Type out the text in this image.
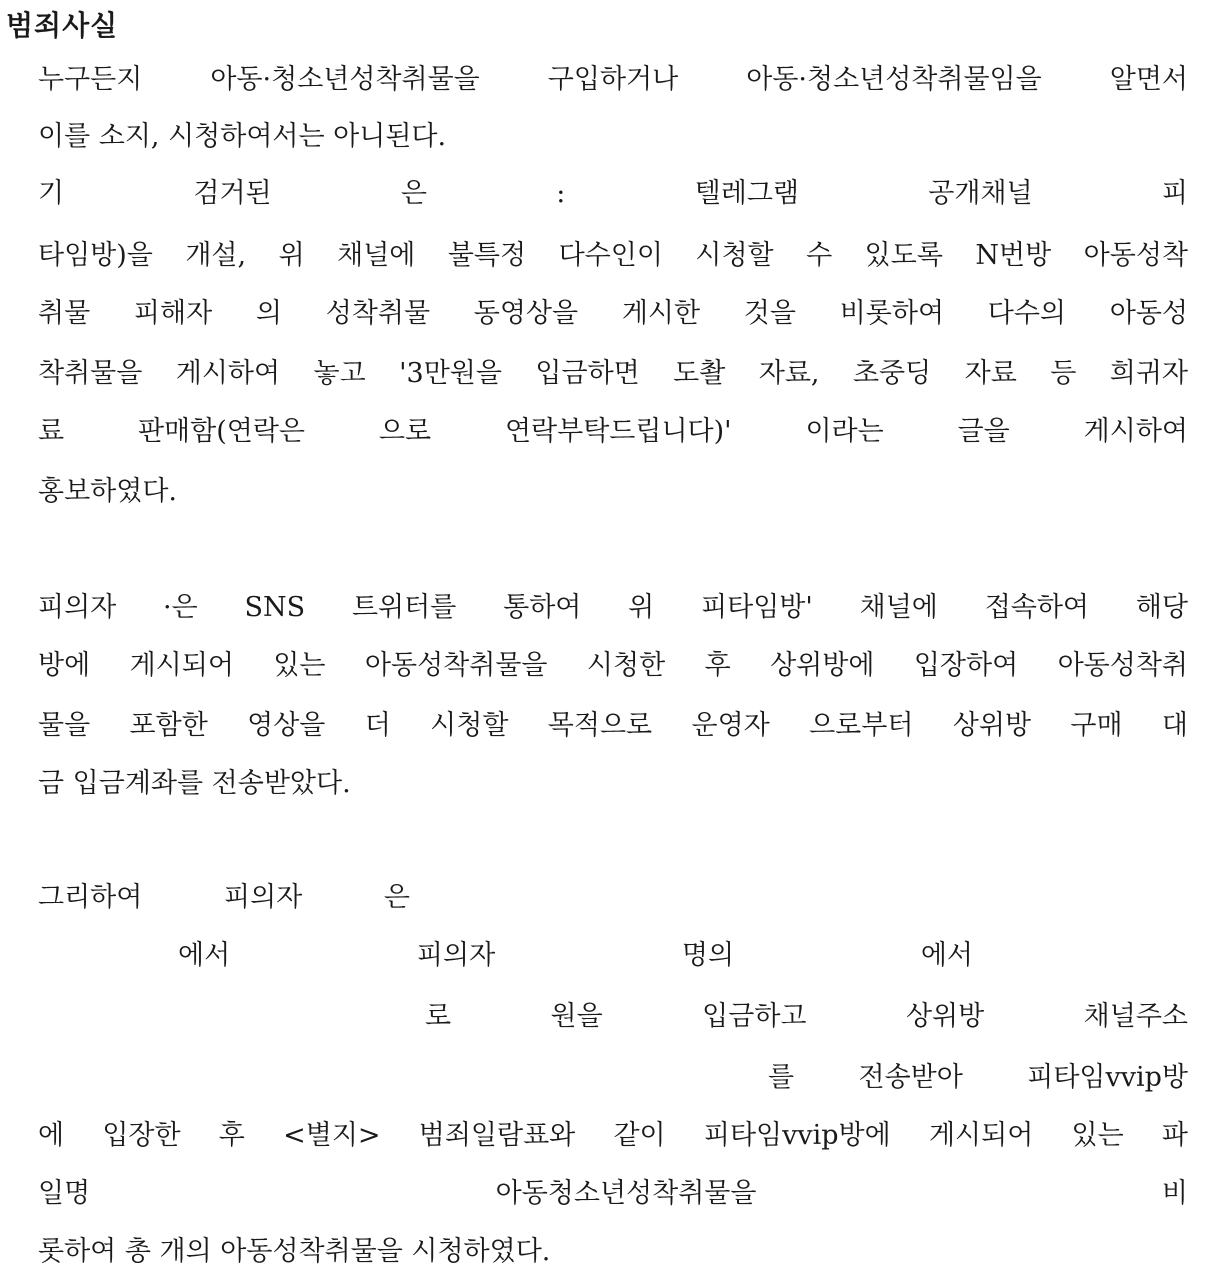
범죄사실
누구든지 아동·청소년성착취물을 구입하거나 아동·청소년성착취물임을 알면서
이를 소지, 시청하여서는 아니된다.
기 검거된 은 : 텔레그램 공개채널 피
타임방)을 개설, 위 채널에 불특정 다수인이 시청할 수 있도록 N번방 아동성착
취물 피해자 의 성착취물 동영상을 게시한 것을 비롯하여 다수의 아동성
착취물을 게시하여 놓고 '3만원을 입금하면 도촬 자료, 초중딩 자료 등 희귀자
료 판매함(연락은 으로 연락부탁드립니다)' 이라는 글을 게시하여
홍보하였다.
피의자 ·은 SNS 트위터를 통하여 위 피타임방' 채널에 접속하여 해당
방에 게시되어 있는 아동성착취물을 시청한 후 상위방에 입장하여 아동성착취
물을 포함한 영상을 더 시청할 목적으로 운영자 으로부터 상위방 구매 대
금 입금계좌를 전송받았다.
그리하여 피의자 은
에서 피의자 명의 에서
로 원을 입금하고 상위방 채널주소
를 전송받아 피타임vvip방
에 입장한 후 <별지> 범죄일람표와 같이 피타임vvip방에 게시되어 있는 파
일명 아동청소년성착취물을 비
롯하여 총 개의 아동성착취물을 시청하였다.
